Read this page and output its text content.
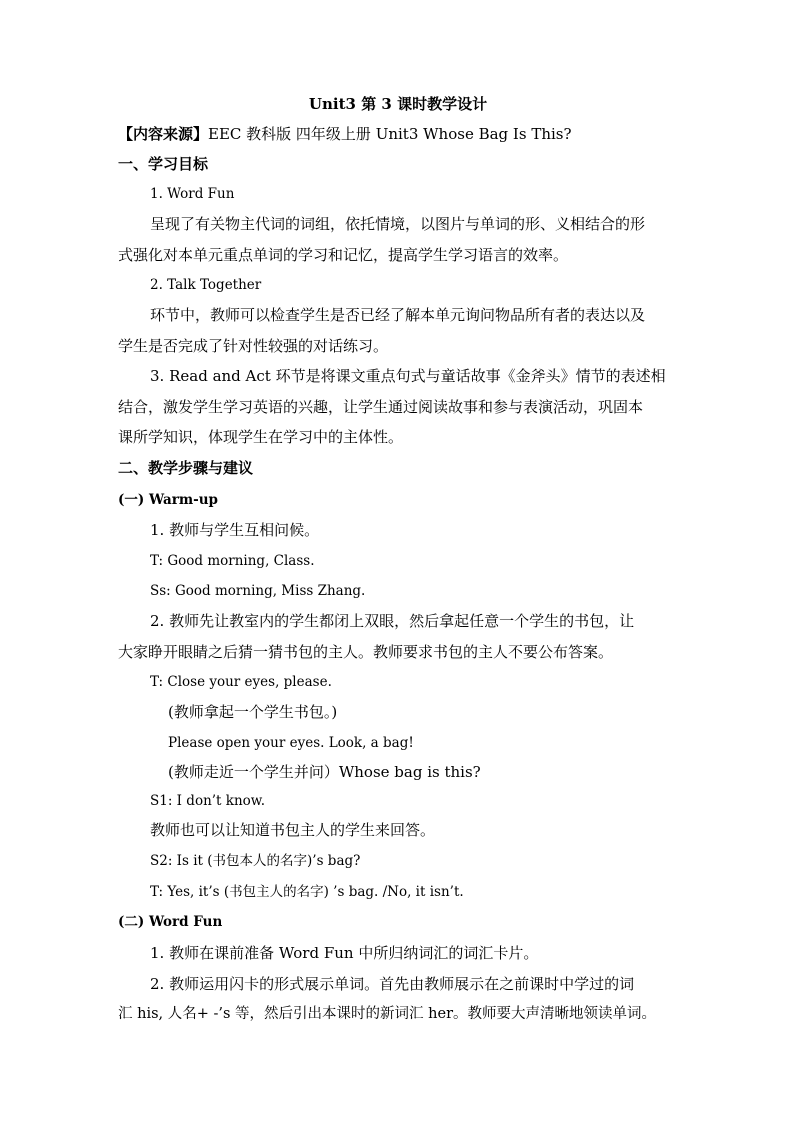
Unit3 第 3 课时教学设计
【内容来源】EEC 教科版 四年级上册 Unit3 Whose Bag Is This?
一、学习目标
1. Word Fun
呈现了有关物主代词的词组，依托情境，以图片与单词的形、义相结合的形
式强化对本单元重点单词的学习和记忆，提高学生学习语言的效率。
2. Talk Together
环节中，教师可以检查学生是否已经了解本单元询问物品所有者的表达以及
学生是否完成了针对性较强的对话练习。
3. Read and Act 环节是将课文重点句式与童话故事《金斧头》情节的表述相
结合，激发学生学习英语的兴趣，让学生通过阅读故事和参与表演活动，巩固本
课所学知识，体现学生在学习中的主体性。
二、教学步骤与建议
(一) Warm-up
1. 教师与学生互相问候。
T: Good morning, Class.
Ss: Good morning, Miss Zhang.
2. 教师先让教室内的学生都闭上双眼，然后拿起任意一个学生的书包，让
大家睁开眼睛之后猜一猜书包的主人。教师要求书包的主人不要公布答案。
T: Close your eyes, please.
(教师拿起一个学生书包。)
Please open your eyes. Look, a bag!
(教师走近一个学生并问）Whose bag is this?
S1: I don’t know.
教师也可以让知道书包主人的学生来回答。
S2: Is it (书包本人的名字)’s bag?
T: Yes, it’s (书包主人的名字) ’s bag. /No, it isn’t.
(二) Word Fun
1. 教师在课前准备 Word Fun 中所归纳词汇的词汇卡片。
2. 教师运用闪卡的形式展示单词。首先由教师展示在之前课时中学过的词
汇 his, 人名+ -’s 等，然后引出本课时的新词汇 her。教师要大声清晰地领读单词。
